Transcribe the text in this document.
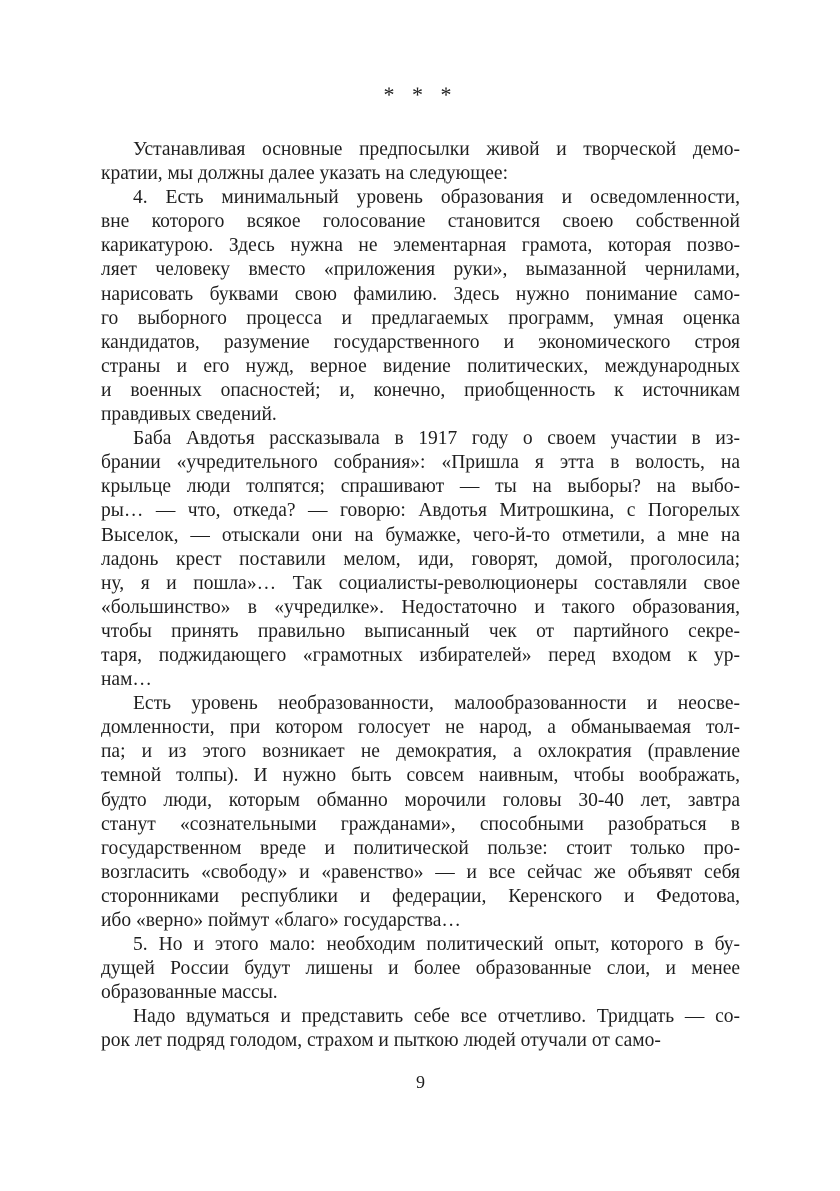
* * *
Устанавливая основные предпосылки живой и творческой демо-
кратии, мы должны далее указать на следующее:
4. Есть минимальный уровень образования и осведомленности,
вне которого всякое голосование становится своею собственной
карикатурою. Здесь нужна не элементарная грамота, которая позво-
ляет человеку вместо «приложения руки», вымазанной чернилами,
нарисовать буквами свою фамилию. Здесь нужно понимание само-
го выборного процесса и предлагаемых программ, умная оценка
кандидатов, разумение государственного и экономического строя
страны и его нужд, верное видение политических, международных
и военных опасностей; и, конечно, приобщенность к источникам
правдивых сведений.
Баба Авдотья рассказывала в 1917 году о своем участии в из-
брании «учредительного собрания»: «Пришла я этта в волость, на
крыльце люди толпятся; спрашивают — ты на выборы? на выбо-
ры… — что, откеда? — говорю: Авдотья Митрошкина, с Погорелых
Выселок, — отыскали они на бумажке, чего-й-то отметили, а мне на
ладонь крест поставили мелом, иди, говорят, домой, проголосила;
ну, я и пошла»… Так социалисты-революционеры составляли свое
«большинство» в «учредилке». Недостаточно и такого образования,
чтобы принять правильно выписанный чек от партийного секре-
таря, поджидающего «грамотных избирателей» перед входом к ур-
нам…
Есть уровень необразованности, малообразованности и неосве-
домленности, при котором голосует не народ, а обманываемая тол-
па; и из этого возникает не демократия, а охлократия (правление
темной толпы). И нужно быть совсем наивным, чтобы воображать,
будто люди, которым обманно морочили головы 30-40 лет, завтра
станут «сознательными гражданами», способными разобраться в
государственном вреде и политической пользе: стоит только про-
возгласить «свободу» и «равенство» — и все сейчас же объявят себя
сторонниками республики и федерации, Керенского и Федотова,
ибо «верно» поймут «благо» государства…
5. Но и этого мало: необходим политический опыт, которого в бу-
дущей России будут лишены и более образованные слои, и менее
образованные массы.
Надо вдуматься и представить себе все отчетливо. Тридцать — со-
рок лет подряд голодом, страхом и пыткою людей отучали от само-
9
